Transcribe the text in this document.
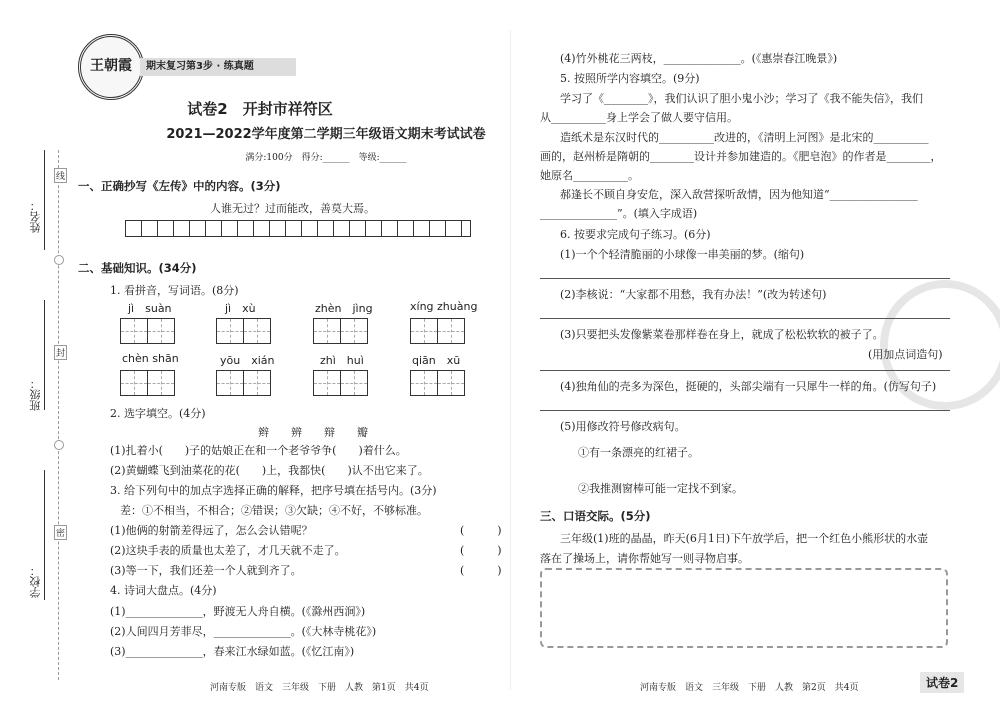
姓名：
班级：
学校：
线
封
密
王朝霞	期末复习第3步 · 练真题
试卷2　开封市祥符区
2021—2022学年度第二学期三年级语文期末考试试卷
满分:100分　得分:______　等级:______
一、正确抄写《左传》中的内容。(3分)
人谁无过？过而能改，善莫大焉。
二、基础知识。(34分)
1. 看拼音，写词语。(8分)
jì　suàn	jì　xù	zhèn　jìng	xíng zhuàng
chèn shān	yōu　xián	zhì　huì	qiān　xū
2. 选字填空。(4分)
辫　　辨　　辩　　瓣
(1)扎着小(　　)子的姑娘正在和一个老爷爷争(　　)着什么。
(2)黄蝴蝶飞到油菜花的花(　　)上，我都快(　　)认不出它来了。
3. 给下列句中的加点字选择正确的解释，把序号填在括号内。(3分)
差：①不相当，不相合；②错误；③欠缺；④不好，不够标准。
(1)他俩的射箭差得远了，怎么会认错呢？	(　　　)
(2)这块手表的质量也太差了，才几天就不走了。	(　　　)
(3)等一下，我们还差一个人就到齐了。	(　　　)
4. 诗词大盘点。(4分)
(1)______________，野渡无人舟自横。(《滁州西涧》)
(2)人间四月芳菲尽，______________。(《大林寺桃花》)
(3)______________，春来江水绿如蓝。(《忆江南》)
河南专版　语文　三年级　下册　人教　第1页　共4页
(4)竹外桃花三两枝，______________。(《惠崇春江晚景》)
5. 按照所学内容填空。(9分)
学习了《________》，我们认识了胆小鬼小沙；学习了《我不能失信》，我们
从__________身上学会了做人要守信用。
造纸术是东汉时代的__________改进的，《清明上河图》是北宋的__________
画的，赵州桥是隋朝的________设计并参加建造的。《肥皂泡》的作者是________，
她原名__________。
郝逢长不顾自身安危，深入敌营探听敌情，因为他知道“________________
______________”。(填入字成语)
6. 按要求完成句子练习。(6分)
(1)一个个轻清脆丽的小球像一串美丽的梦。(缩句)
(2)李核说：“大家都不用愁，我有办法！”(改为转述句)
(3)只要把头发像紫菜卷那样卷在身上，就成了松松软软的被子了。
(用加点词造句)
(4)独角仙的壳多为深色，挺硬的，头部尖端有一只犀牛一样的角。(仿写句子)
(5)用修改符号修改病句。
①有一条漂亮的红裙子。
②我推测窗棒可能一定找不到家。
三、口语交际。(5分)
三年级(1)班的晶晶，昨天(6月1日)下午放学后，把一个红色小熊形状的水壶
落在了操场上，请你帮她写一则寻物启事。
河南专版　语文　三年级　下册　人教　第2页　共4页	试卷2
